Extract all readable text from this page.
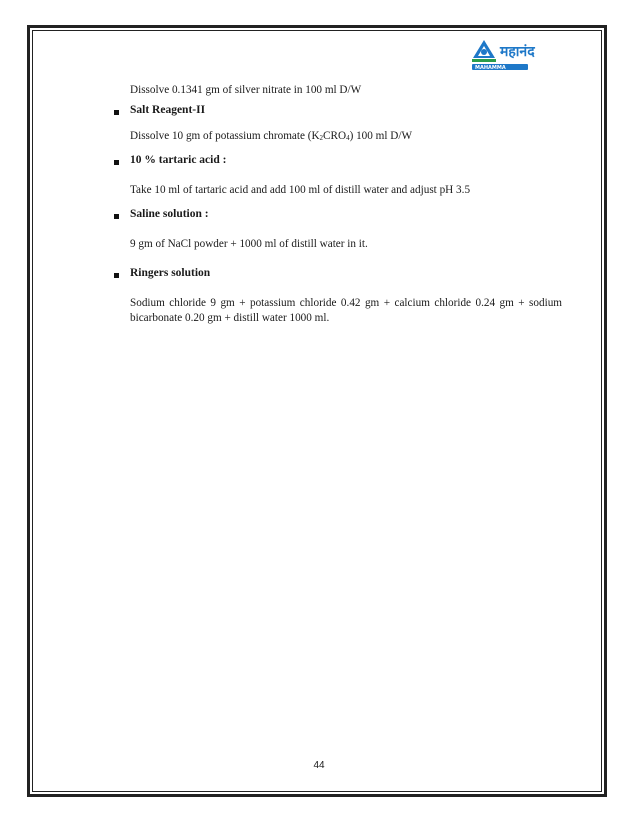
महानंद
MAHAMMA
Dissolve 0.1341 gm of silver nitrate in 100 ml D/W
Salt Reagent-II
Dissolve 10 gm of potassium chromate $(K_2CRO_4)$ 100 ml D/W
10 % tartaric acid :
Take 10 ml of tartaric acid and add 100 ml of distill water and adjust pH 3.5
Saline solution :
9 gm of NaCl powder + 1000 ml of distill water in it.
Ringers solution
Sodium chloride 9 gm + potassium chloride 0.42 gm + calcium chloride 0.24 gm + sodium bicarbonate 0.20 gm + distill water 1000 ml.
44
